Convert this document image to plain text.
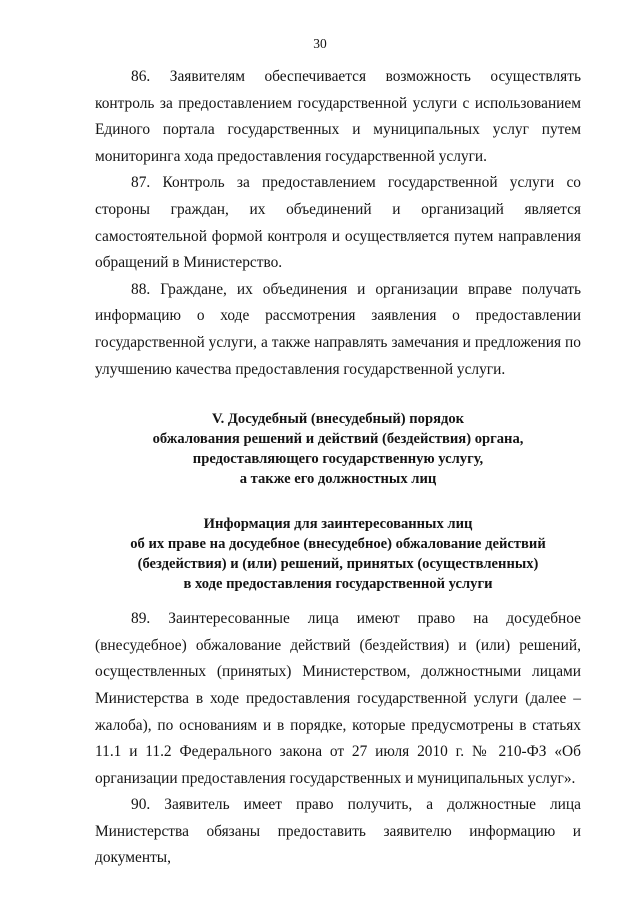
30

86. Заявителям обеспечивается возможность осуществлять контроль за предоставлением государственной услуги с использованием Единого портала государственных и муниципальных услуг путем мониторинга хода предоставления государственной услуги.

87. Контроль за предоставлением государственной услуги со стороны граждан, их объединений и организаций является самостоятельной формой контроля и осуществляется путем направления обращений в Министерство.

88. Граждане, их объединения и организации вправе получать информацию о ходе рассмотрения заявления о предоставлении государственной услуги, а также направлять замечания и предложения по улучшению качества предоставления государственной услуги.

V. Досудебный (внесудебный) порядок
обжалования решений и действий (бездействия) органа,
предоставляющего государственную услугу,
а также его должностных лиц
Информация для заинтересованных лиц
об их праве на досудебное (внесудебное) обжалование действий
(бездействия) и (или) решений, принятых (осуществленных)
в ходе предоставления государственной услуги

89. Заинтересованные лица имеют право на досудебное (внесудебное) обжалование действий (бездействия) и (или) решений, осуществленных (принятых) Министерством, должностными лицами Министерства в ходе предоставления государственной услуги (далее – жалоба), по основаниям и в порядке, которые предусмотрены в статьях 11.1 и 11.2 Федерального закона от 27 июля 2010 г. № 210-ФЗ «Об организации предоставления государственных и муниципальных услуг».

90. Заявитель имеет право получить, а должностные лица Министерства обязаны предоставить заявителю информацию и документы,
